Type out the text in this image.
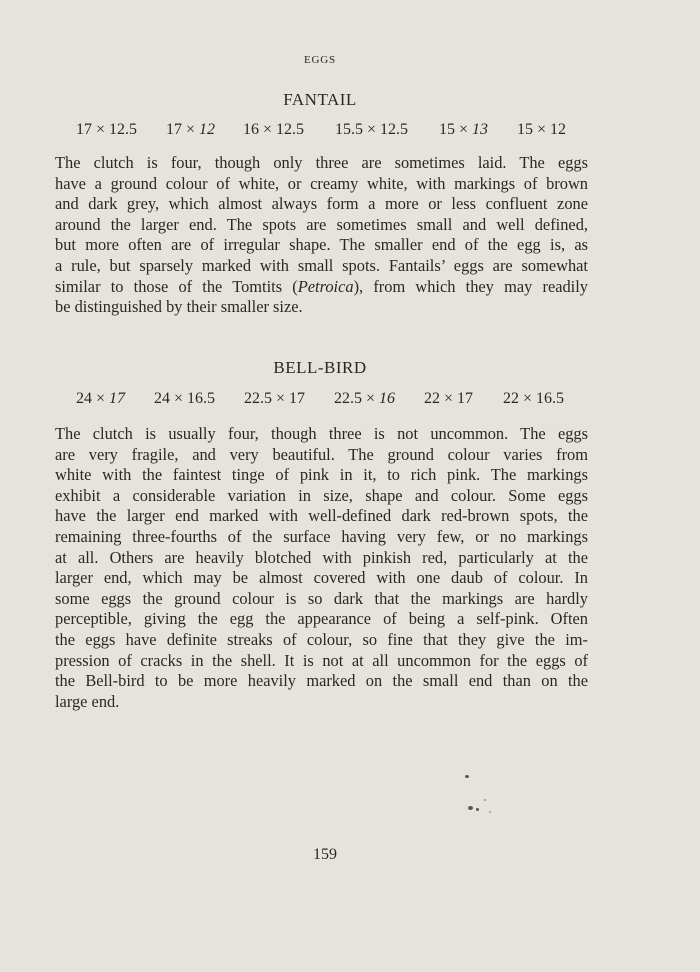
EGGS
FANTAIL
17 × 12.5 17 × 12 16 × 12.5 15.5 × 12.5 15 × 13 15 × 12
The clutch is four, though only three are sometimes laid. The eggs
have a ground colour of white, or creamy white, with markings of brown
and dark grey, which almost always form a more or less confluent zone
around the larger end. The spots are sometimes small and well defined,
but more often are of irregular shape. The smaller end of the egg is, as
a rule, but sparsely marked with small spots. Fantails’ eggs are somewhat
similar to those of the Tomtits (Petroica), from which they may readily
be distinguished by their smaller size.
BELL-BIRD
24 × 17 24 × 16.5 22.5 × 17 22.5 × 16 22 × 17 22 × 16.5
The clutch is usually four, though three is not uncommon. The eggs
are very fragile, and very beautiful. The ground colour varies from
white with the faintest tinge of pink in it, to rich pink. The markings
exhibit a considerable variation in size, shape and colour. Some eggs
have the larger end marked with well-defined dark red-brown spots, the
remaining three-fourths of the surface having very few, or no markings
at all. Others are heavily blotched with pinkish red, particularly at the
larger end, which may be almost covered with one daub of colour. In
some eggs the ground colour is so dark that the markings are hardly
perceptible, giving the egg the appearance of being a self-pink. Often
the eggs have definite streaks of colour, so fine that they give the im-
pression of cracks in the shell. It is not at all uncommon for the eggs of
the Bell-bird to be more heavily marked on the small end than on the
large end.
159
